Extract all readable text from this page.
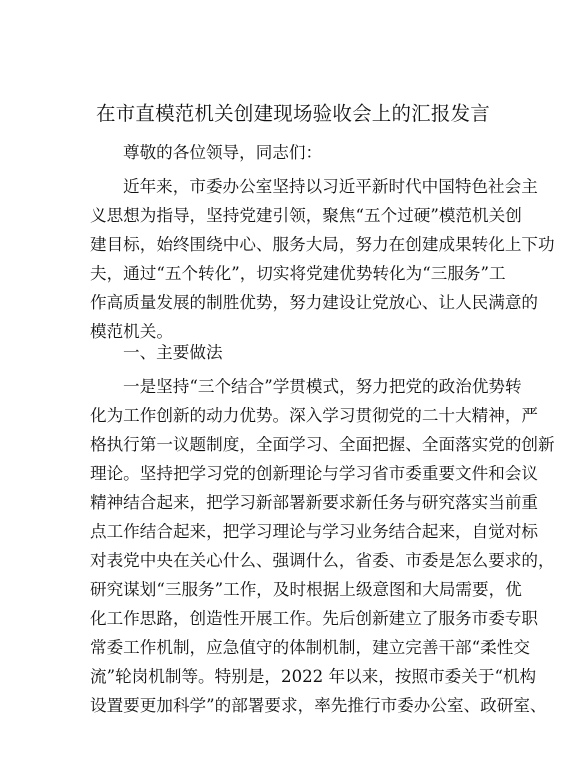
在市直模范机关创建现场验收会上的汇报发言
尊敬的各位领导，同志们：
近年来，市委办公室坚持以习近平新时代中国特色社会主
义思想为指导，坚持党建引领，聚焦“五个过硬”模范机关创
建目标，始终围绕中心、服务大局，努力在创建成果转化上下功
夫，通过“五个转化”，切实将党建优势转化为“三服务”工
作高质量发展的制胜优势，努力建设让党放心、让人民满意的
模范机关。
一、主要做法
一是坚持“三个结合”学贯模式，努力把党的政治优势转
化为工作创新的动力优势。深入学习贯彻党的二十大精神，严
格执行第一议题制度，全面学习、全面把握、全面落实党的创新
理论。坚持把学习党的创新理论与学习省市委重要文件和会议
精神结合起来，把学习新部署新要求新任务与研究落实当前重
点工作结合起来，把学习理论与学习业务结合起来，自觉对标
对表党中央在关心什么、强调什么，省委、市委是怎么要求的，
研究谋划“三服务”工作，及时根据上级意图和大局需要，优
化工作思路，创造性开展工作。先后创新建立了服务市委专职
常委工作机制，应急值守的体制机制，建立完善干部“柔性交
流”轮岗机制等。特别是，2022 年以来，按照市委关于“机构
设置要更加科学”的部署要求，率先推行市委办公室、政研室、
